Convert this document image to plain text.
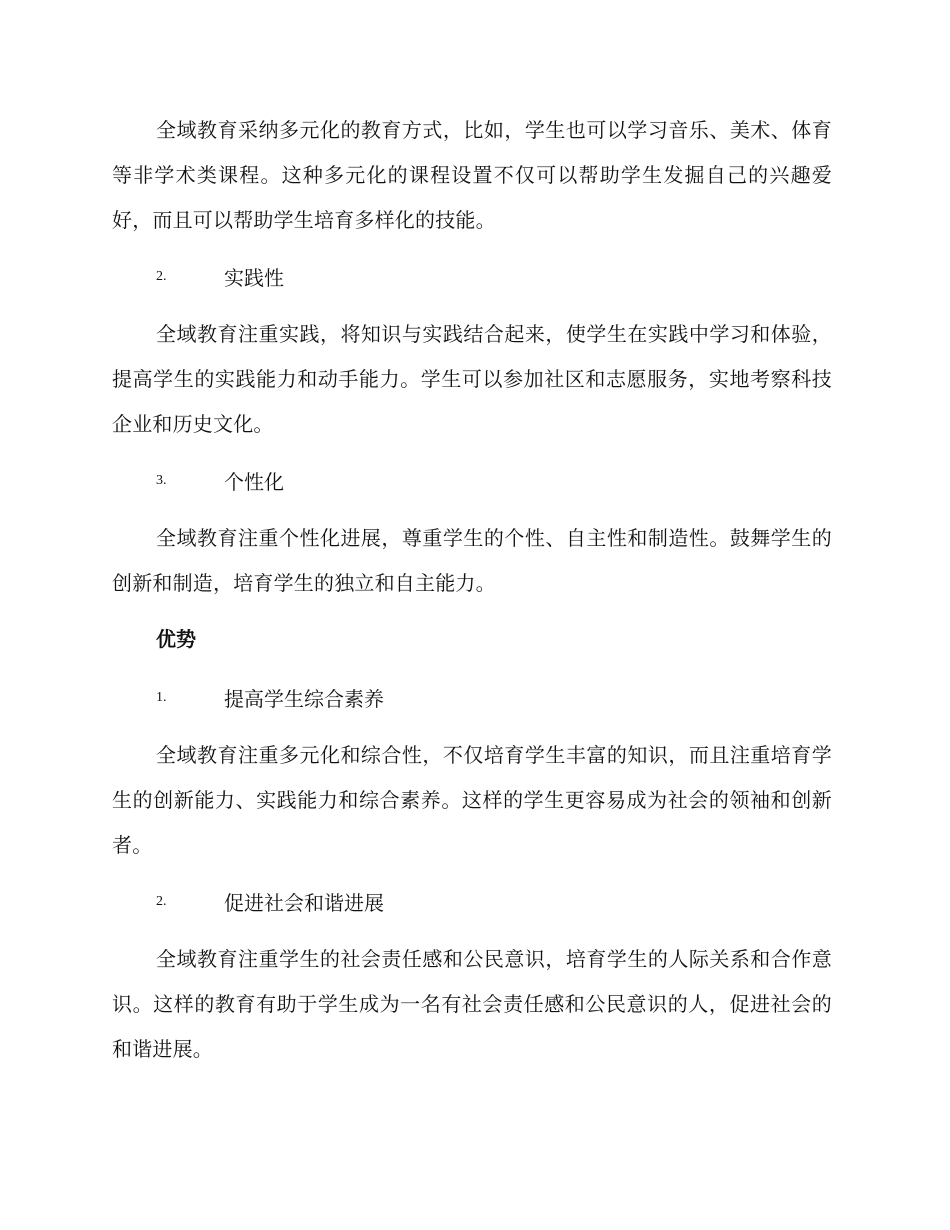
全域教育采纳多元化的教育方式，比如，学生也可以学习音乐、美术、体育等非学术类课程。这种多元化的课程设置不仅可以帮助学生发掘自己的兴趣爱好，而且可以帮助学生培育多样化的技能。

2.	实践性

全域教育注重实践，将知识与实践结合起来，使学生在实践中学习和体验，提高学生的实践能力和动手能力。学生可以参加社区和志愿服务，实地考察科技企业和历史文化。

3.	个性化

全域教育注重个性化进展，尊重学生的个性、自主性和制造性。鼓舞学生的创新和制造，培育学生的独立和自主能力。

优势
1.	提高学生综合素养

全域教育注重多元化和综合性，不仅培育学生丰富的知识，而且注重培育学生的创新能力、实践能力和综合素养。这样的学生更容易成为社会的领袖和创新者。

2.	促进社会和谐进展

全域教育注重学生的社会责任感和公民意识，培育学生的人际关系和合作意识。这样的教育有助于学生成为一名有社会责任感和公民意识的人，促进社会的和谐进展。
